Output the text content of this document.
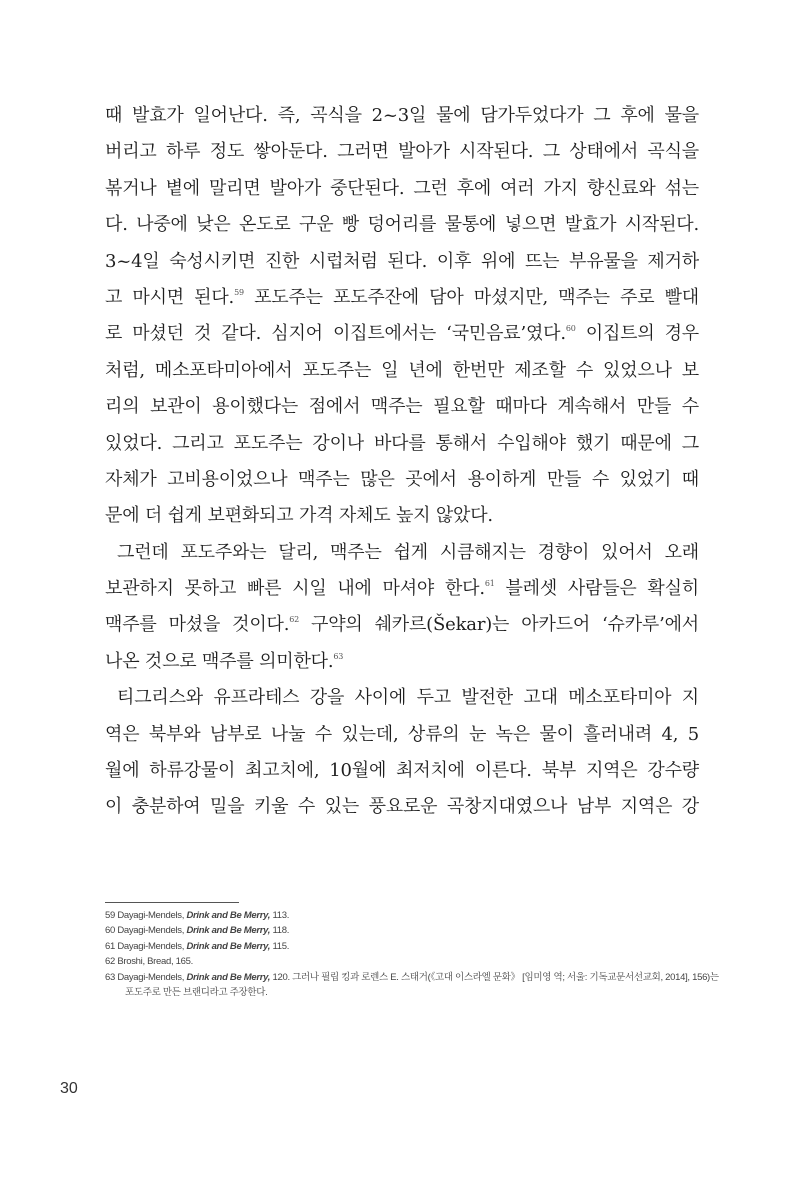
때 발효가 일어난다. 즉, 곡식을 2~3일 물에 담가두었다가 그 후에 물을
버리고 하루 정도 쌓아둔다. 그러면 발아가 시작된다. 그 상태에서 곡식을
볶거나 볕에 말리면 발아가 중단된다. 그런 후에 여러 가지 향신료와 섞는
다. 나중에 낮은 온도로 구운 빵 덩어리를 물통에 넣으면 발효가 시작된다.
3~4일 숙성시키면 진한 시럽처럼 된다. 이후 위에 뜨는 부유물을 제거하
고 마시면 된다.$^{59}$ 포도주는 포도주잔에 담아 마셨지만, 맥주는 주로 빨대
로 마셨던 것 같다. 심지어 이집트에서는 ‘국민음료’였다.$^{60}$ 이집트의 경우
처럼, 메소포타미아에서 포도주는 일 년에 한번만 제조할 수 있었으나 보
리의 보관이 용이했다는 점에서 맥주는 필요할 때마다 계속해서 만들 수
있었다. 그리고 포도주는 강이나 바다를 통해서 수입해야 했기 때문에 그
자체가 고비용이었으나 맥주는 많은 곳에서 용이하게 만들 수 있었기 때
문에 더 쉽게 보편화되고 가격 자체도 높지 않았다.
그런데 포도주와는 달리, 맥주는 쉽게 시큼해지는 경향이 있어서 오래
보관하지 못하고 빠른 시일 내에 마셔야 한다.$^{61}$ 블레셋 사람들은 확실히
맥주를 마셨을 것이다.$^{62}$ 구약의 쉐카르(Šekar)는 아카드어 ‘슈카루’에서
나온 것으로 맥주를 의미한다.$^{63}$
티그리스와 유프라테스 강을 사이에 두고 발전한 고대 메소포타미아 지
역은 북부와 남부로 나눌 수 있는데, 상류의 눈 녹은 물이 흘러내려 4, 5
월에 하류강물이 최고치에, 10월에 최저치에 이른다. 북부 지역은 강수량
이 충분하여 밀을 키울 수 있는 풍요로운 곡창지대였으나 남부 지역은 강
59 Dayagi-Mendels, Drink and Be Merry, 113.
60 Dayagi-Mendels, Drink and Be Merry, 118.
61 Dayagi-Mendels, Drink and Be Merry, 115.
62 Broshi, Bread, 165.
63 Dayagi-Mendels, Drink and Be Merry, 120. 그러나 필립 킹과 로렌스 E. 스태거(《고대 이스라엘 문화》 [임미영 역; 서울: 기독교문서선교회, 2014], 156)는
포도주로 만든 브랜디라고 주장한다.
30
